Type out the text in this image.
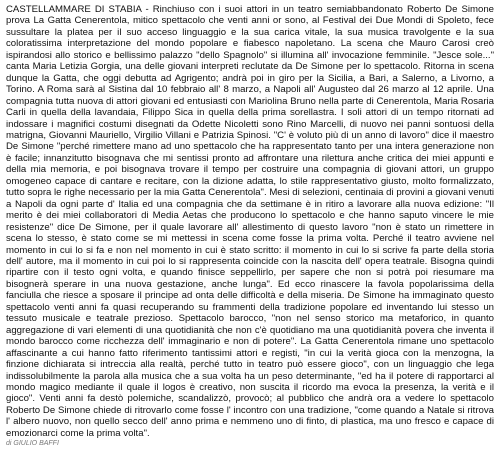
CASTELLAMMARE DI STABIA - Rinchiuso con i suoi attori in un teatro semiabbandonato Roberto De Simone prova La Gatta Cenerentola, mitico spettacolo che venti anni or sono, al Festival dei Due Mondi di Spoleto, fece sussultare la platea per il suo acceso linguaggio e la sua carica vitale, la sua musica travolgente e la sua coloratissima interpretazione del mondo popolare e fiabesco napoletano. La scena che Mauro Carosi creò ispirandosi allo storico e bellissimo palazzo "dello Spagnolo" si illumina all' invocazione femminile. "Jesce sole..." canta Maria Letizia Gorgia, una delle giovani interpreti reclutate da De Simone per lo spettacolo. Ritorna in scena dunque la Gatta, che oggi debutta ad Agrigento; andrà poi in giro per la Sicilia, a Bari, a Salerno, a Livorno, a Torino. A Roma sarà al Sistina dal 10 febbraio all' 8 marzo, a Napoli all' Augusteo dal 26 marzo al 12 aprile. Una compagnia tutta nuova di attori giovani ed entusiasti con Mariolina Bruno nella parte di Cenerentola, Maria Rosaria Carli in quella della lavandaia, Filippo Sica in quella della prima sorellastra. I soli attori di un tempo ritornati ad indossare i magnifici costumi disegnati da Odette Nicoletti sono Rino Marcelli, di nuovo nei panni sontuosi della matrigna, Giovanni Mauriello, Virgilio Villani e Patrizia Spinosi. "C' è voluto più di un anno di lavoro" dice il maestro De Simone "perché rimettere mano ad uno spettacolo che ha rappresentato tanto per una intera generazione non è facile; innanzitutto bisognava che mi sentissi pronto ad affrontare una rilettura anche critica dei miei appunti e della mia memoria, e poi bisognava trovare il tempo per costruire una compagnia di giovani attori, un gruppo omogeneo capace di cantare e recitare, con la dizione adatta, lo stile rappresentativo giusto, molto formalizzato, tutto sopra le righe necessario per la mia Gatta Cenerentola". Mesi di selezioni, centinaia di provini a giovani venuti a Napoli da ogni parte d' Italia ed una compagnia che da settimane è in ritiro a lavorare alla nuova edizione: "Il merito è dei miei collaboratori di Media Aetas che producono lo spettacolo e che hanno saputo vincere le mie resistenze" dice De Simone, per il quale lavorare all' allestimento di questo lavoro "non è stato un rimettere in scena lo stesso, è stato come se mi mettessi in scena come fosse la prima volta. Perché il teatro avviene nel momento in cui lo si fa e non nel momento in cui è stato scritto: il momento in cui lo si scrive fa parte della storia dell' autore, ma il momento in cui poi lo si rappresenta coincide con la nascita dell' opera teatrale. Bisogna quindi ripartire con il testo ogni volta, e quando finisce seppellirlo, per sapere che non si potrà poi riesumare ma bisognerà sperare in una nuova gestazione, anche lunga". Ed ecco rinascere la favola popolarissima della fanciulla che riesce a sposare il principe ad onta delle difficoltà e della miseria. De Simone ha immaginato questo spettacolo venti anni fa quasi recuperando su frammenti della tradizione popolare ed inventando lui stesso un tessuto musicale e teatrale prezioso. Spettacolo barocco, "non nel senso storico ma metaforico, in quanto aggregazione di vari elementi di una quotidianità che non c'è quotidiano ma una quotidianità povera che inventa il mondo barocco come ricchezza dell' immaginario e non di potere". La Gatta Cenerentola rimane uno spettacolo affascinante a cui hanno fatto riferimento tantissimi attori e registi, "in cui la verità gioca con la menzogna, la finzione dichiarata si intreccia alla realtà, perché tutto in teatro può essere gioco", con un linguaggio che lega indissolubilmente la parola alla musica che a sua volta ha un peso determinante, "ed ha il potere di rapportarci al mondo magico mediante il quale il logos è creativo, non suscita il ricordo ma evoca la presenza, la verità e il gioco". Venti anni fa destò polemiche, scandalizzò, provocò; al pubblico che andrà ora a vedere lo spettacolo Roberto De Simone chiede di ritrovarlo come fosse l' incontro con una tradizione, "come quando a Natale si ritrova l' albero nuovo, non quello secco dell' anno prima e nemmeno uno di finto, di plastica, ma uno fresco e capace di emozionarci come la prima volta".

di GIULIO BAFFI
